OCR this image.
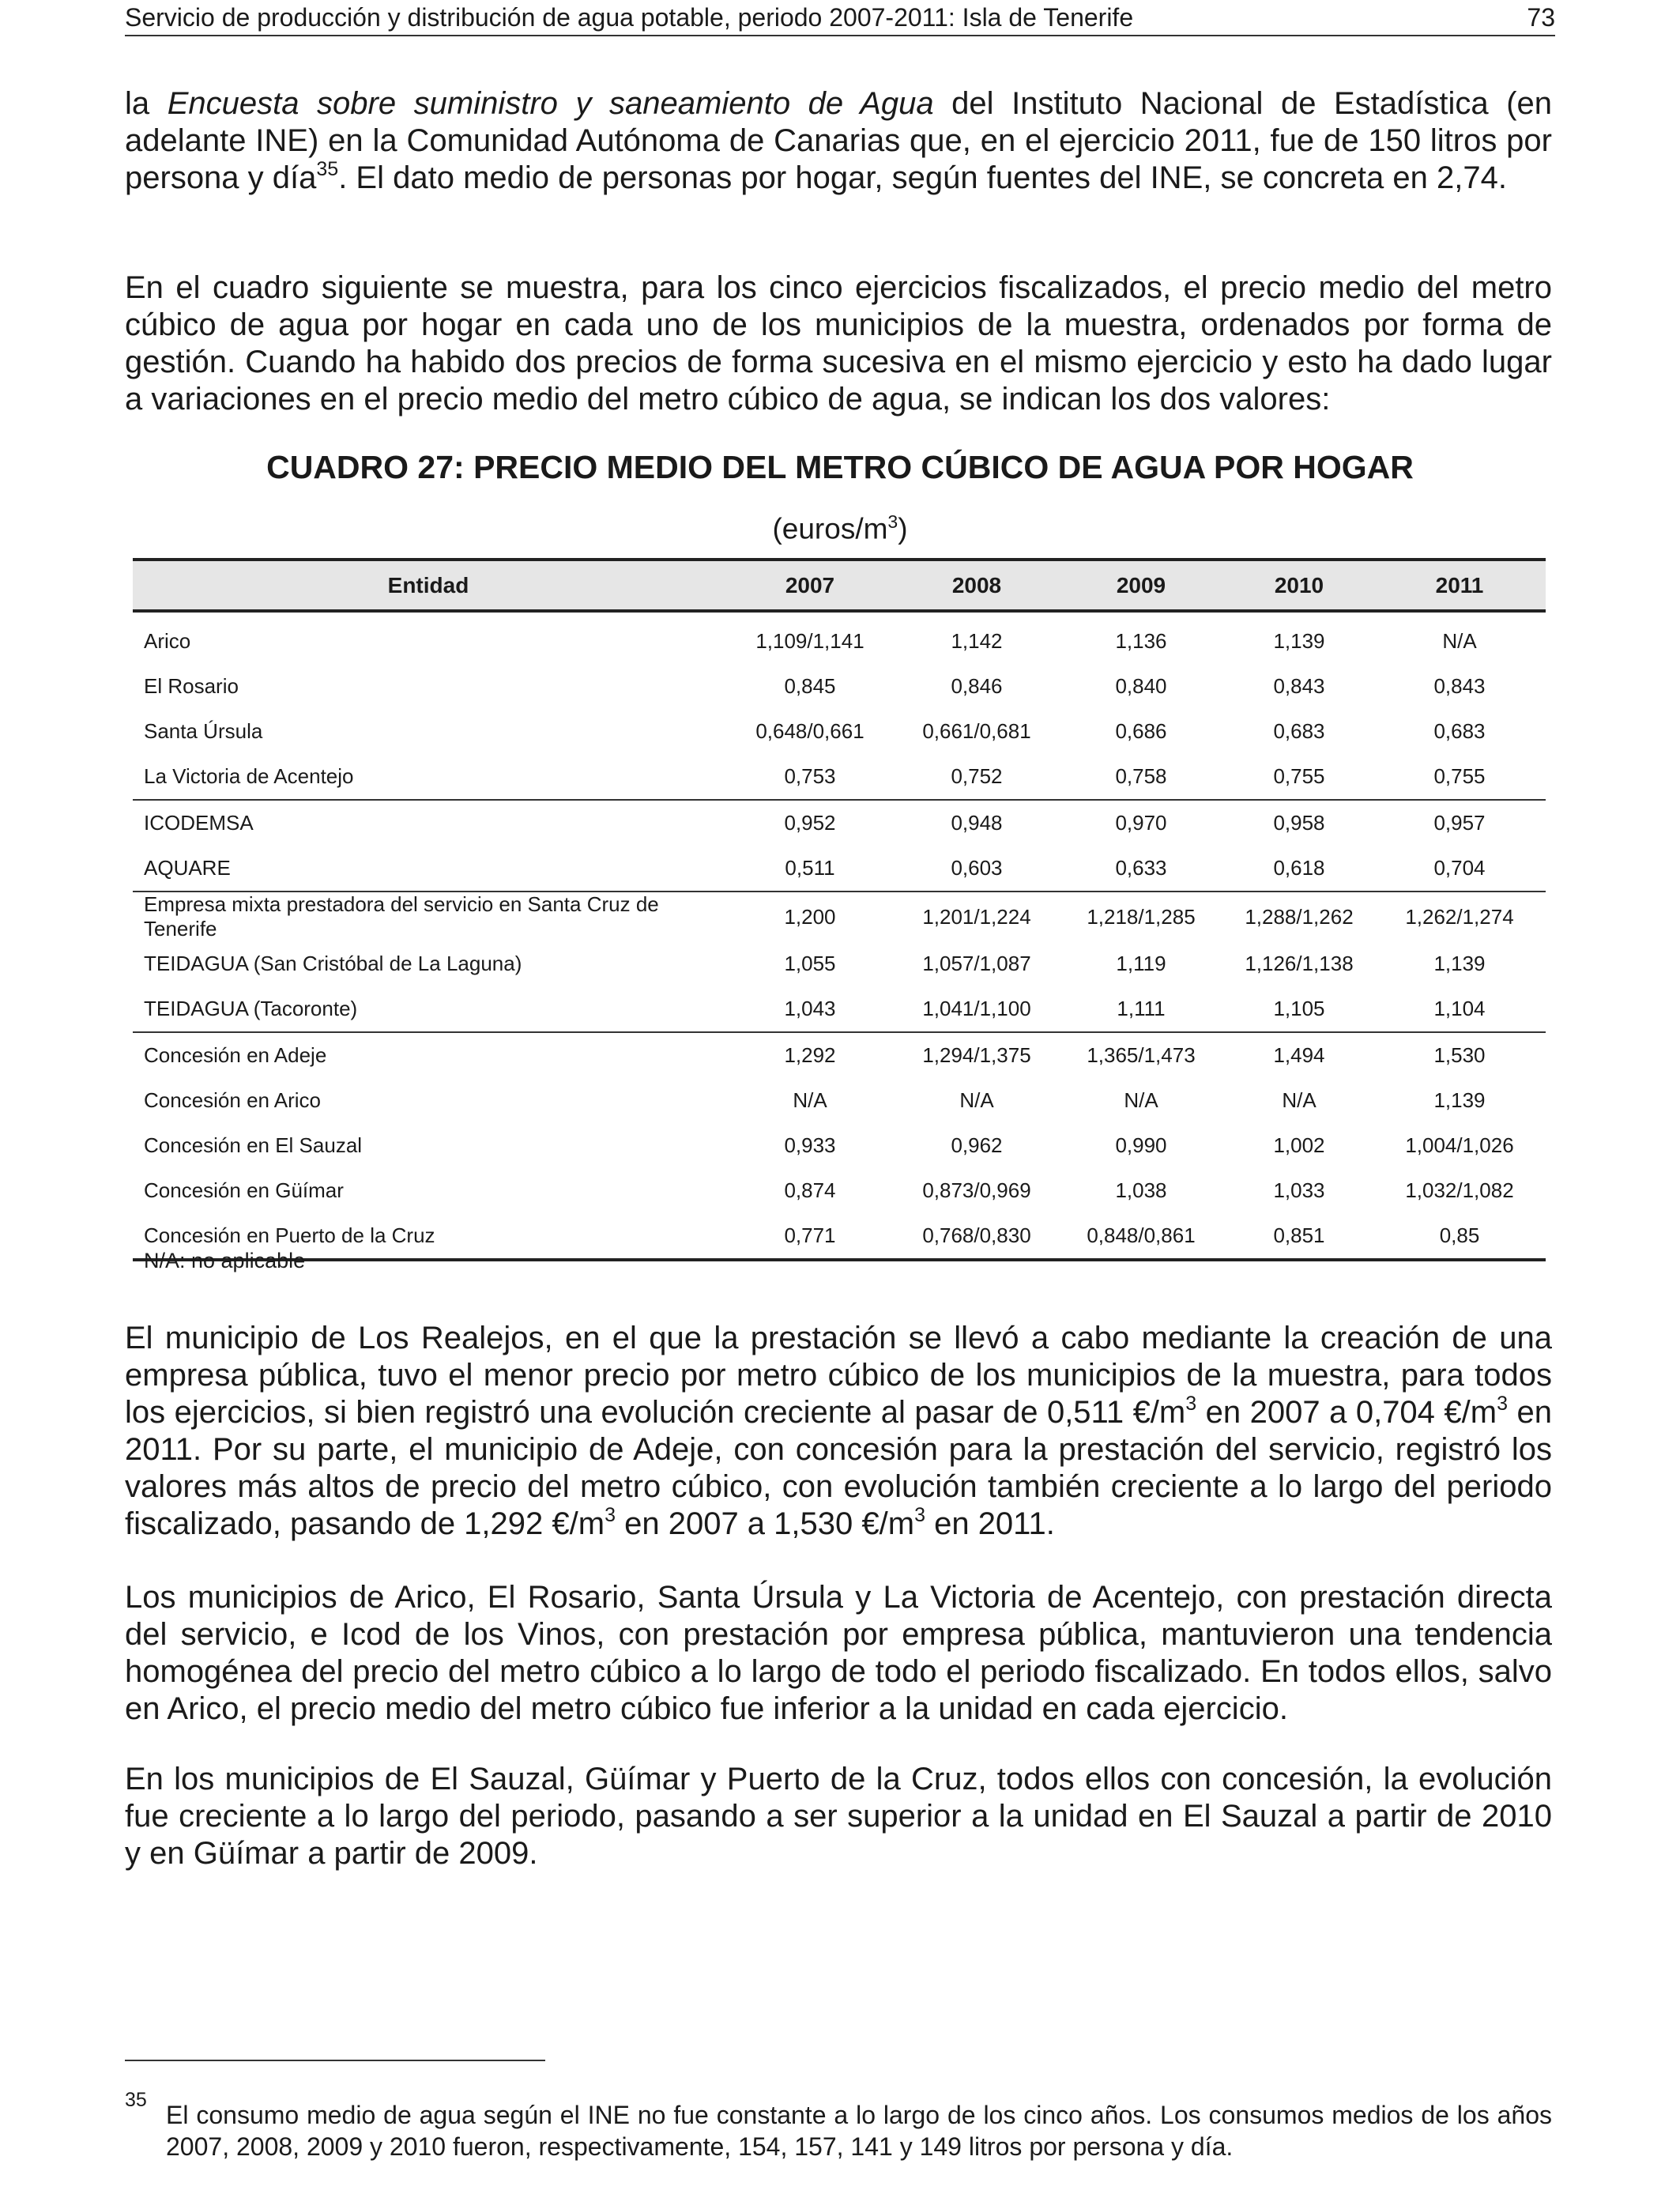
Servicio de producción y distribución de agua potable, periodo 2007-2011: Isla de Tenerife	73

la Encuesta sobre suministro y saneamiento de Agua del Instituto Nacional de Estadística (en adelante INE) en la Comunidad Autónoma de Canarias que, en el ejercicio 2011, fue de 150 litros por persona y día$^{35}$. El dato medio de personas por hogar, según fuentes del INE, se concreta en 2,74.

En el cuadro siguiente se muestra, para los cinco ejercicios fiscalizados, el precio medio del metro cúbico de agua por hogar en cada uno de los municipios de la muestra, ordenados por forma de gestión. Cuando ha habido dos precios de forma sucesiva en el mismo ejercicio y esto ha dado lugar a variaciones en el precio medio del metro cúbico de agua, se indican los dos valores:

CUADRO 27: PRECIO MEDIO DEL METRO CÚBICO DE AGUA POR HOGAR
$(euros/m^3)$
Entidad	2007	2008	2009	2010	2011
Arico	1,109/1,141	1,142	1,136	1,139	N/A
El Rosario	0,845	0,846	0,840	0,843	0,843
Santa Úrsula	0,648/0,661	0,661/0,681	0,686	0,683	0,683
La Victoria de Acentejo	0,753	0,752	0,758	0,755	0,755
ICODEMSA	0,952	0,948	0,970	0,958	0,957
AQUARE	0,511	0,603	0,633	0,618	0,704
Empresa mixta prestadora del servicio en Santa Cruz de Tenerife	1,200	1,201/1,224	1,218/1,285	1,288/1,262	1,262/1,274
TEIDAGUA (San Cristóbal de La Laguna)	1,055	1,057/1,087	1,119	1,126/1,138	1,139
TEIDAGUA (Tacoronte)	1,043	1,041/1,100	1,111	1,105	1,104
Concesión en Adeje	1,292	1,294/1,375	1,365/1,473	1,494	1,530
Concesión en Arico	N/A	N/A	N/A	N/A	1,139
Concesión en El Sauzal	0,933	0,962	0,990	1,002	1,004/1,026
Concesión en Güímar	0,874	0,873/0,969	1,038	1,033	1,032/1,082
Concesión en Puerto de la Cruz	0,771	0,768/0,830	0,848/0,861	0,851	0,85
N/A: no aplicable

El municipio de Los Realejos, en el que la prestación se llevó a cabo mediante la creación de una empresa pública, tuvo el menor precio por metro cúbico de los municipios de la muestra, para todos los ejercicios, si bien registró una evolución creciente al pasar de 0,511 $€/m^3$ en 2007 a 0,704 $€/m^3$ en 2011. Por su parte, el municipio de Adeje, con concesión para la prestación del servicio, registró los valores más altos de precio del metro cúbico, con evolución también creciente a lo largo del periodo fiscalizado, pasando de 1,292 $€/m^3$ en 2007 a 1,530 $€/m^3$ en 2011.

Los municipios de Arico, El Rosario, Santa Úrsula y La Victoria de Acentejo, con prestación directa del servicio, e Icod de los Vinos, con prestación por empresa pública, mantuvieron una tendencia homogénea del precio del metro cúbico a lo largo de todo el periodo fiscalizado. En todos ellos, salvo en Arico, el precio medio del metro cúbico fue inferior a la unidad en cada ejercicio.

En los municipios de El Sauzal, Güímar y Puerto de la Cruz, todos ellos con concesión, la evolución fue creciente a lo largo del periodo, pasando a ser superior a la unidad en El Sauzal a partir de 2010 y en Güímar a partir de 2009.

35

El consumo medio de agua según el INE no fue constante a lo largo de los cinco años. Los consumos medios de los años 2007, 2008, 2009 y 2010 fueron, respectivamente, 154, 157, 141 y 149 litros por persona y día.
